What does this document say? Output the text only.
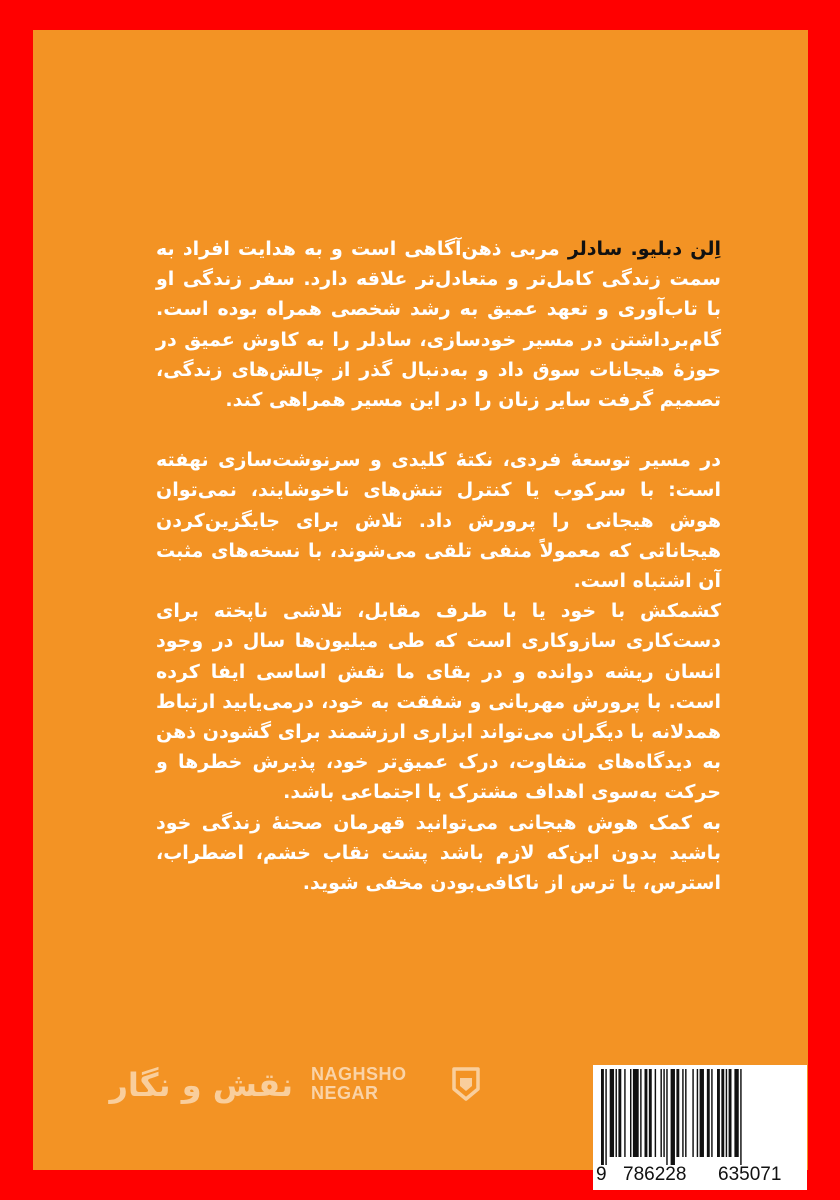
اِلن دبلیو. سادلر مربی ذهن‌آگاهی است و به هدایت افراد به سمت زندگی کامل‌تر و متعادل‌تر علاقه دارد. سفر زندگی او با تاب‌آوری و تعهد عمیق به رشد شخصی همراه بوده است. گام‌برداشتن در مسیر خودسازی، سادلر را به کاوش عمیق در حوزهٔ هیجانات سوق داد و به‌دنبال گذر از چالش‌های زندگی، تصمیم گرفت سایر زنان را در این مسیر همراهی کند.

در مسیر توسعهٔ فردی، نکتهٔ کلیدی و سرنوشت‌سازی نهفته است: با سرکوب یا کنترل تنش‌های ناخوشایند، نمی‌توان هوش هیجانی را پرورش داد. تلاش برای جایگزین‌کردن هیجاناتی که معمولاً منفی تلقی می‌شوند، با نسخه‌های مثبت آن اشتباه است.

کشمکش با خود یا با طرف مقابل، تلاشی ناپخته برای دست‌کاری سازوکاری است که طی میلیون‌ها سال در وجود انسان ریشه دوانده و در بقای ما نقش اساسی ایفا کرده است. با پرورش مهربانی و شفقت به خود، درمی‌یابید ارتباط همدلانه با دیگران می‌تواند ابزاری ارزشمند برای گشودن ذهن به دیدگاه‌های متفاوت، درک عمیق‌تر خود، پذیرش خطرها و حرکت به‌سوی اهداف مشترک یا اجتماعی باشد.

به کمک هوش هیجانی می‌توانید قهرمان صحنهٔ زندگی خود باشید بدون این‌که لازم باشد پشت نقاب خشم، اضطراب، استرس، یا ترس از ناکافی‌بودن مخفی شوید.

نقش و نگار NAGHSHO
NEGAR
9 786228 635071
